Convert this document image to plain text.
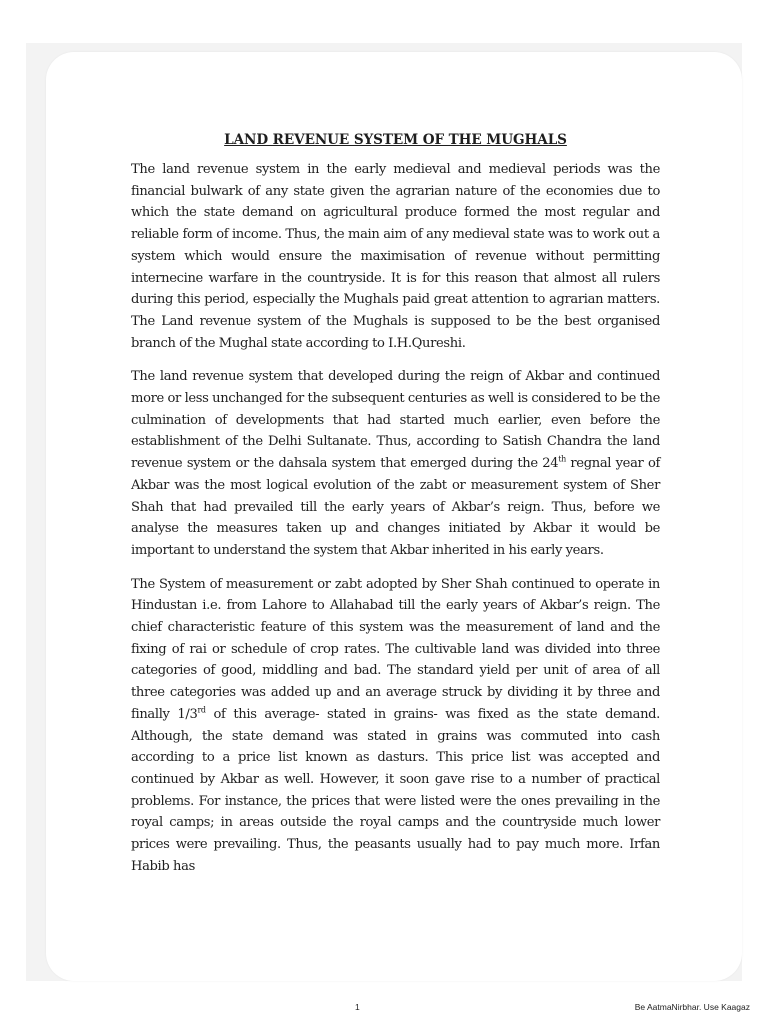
LAND REVENUE SYSTEM OF THE MUGHALS

The land revenue system in the early medieval and medieval periods was the financial bulwark of any state given the agrarian nature of the economies due to which the state demand on agricultural produce formed the most regular and reliable form of income. Thus, the main aim of any medieval state was to work out a system which would ensure the maximisation of revenue without permitting internecine warfare in the countryside. It is for this reason that almost all rulers during this period, especially the Mughals paid great attention to agrarian matters. The Land revenue system of the Mughals is supposed to be the best organised branch of the Mughal state according to I.H.Qureshi.

The land revenue system that developed during the reign of Akbar and continued more or less unchanged for the subsequent centuries as well is considered to be the culmination of developments that had started much earlier, even before the establishment of the Delhi Sultanate. Thus, according to Satish Chandra the land revenue system or the dahsala system that emerged during the 24th regnal year of Akbar was the most logical evolution of the zabt or measurement system of Sher Shah that had prevailed till the early years of Akbar’s reign. Thus, before we analyse the measures taken up and changes initiated by Akbar it would be important to understand the system that Akbar inherited in his early years.

The System of measurement or zabt adopted by Sher Shah continued to operate in Hindustan i.e. from Lahore to Allahabad till the early years of Akbar’s reign. The chief characteristic feature of this system was the measurement of land and the fixing of rai or schedule of crop rates. The cultivable land was divided into three categories of good, middling and bad. The standard yield per unit of area of all three categories was added up and an average struck by dividing it by three and finally 1/3rd of this average- stated in grains- was fixed as the state demand. Although, the state demand was stated in grains was commuted into cash according to a price list known as dasturs. This price list was accepted and continued by Akbar as well. However, it soon gave rise to a number of practical problems. For instance, the prices that were listed were the ones prevailing in the royal camps; in areas outside the royal camps and the countryside much lower prices were prevailing. Thus, the peasants usually had to pay much more. Irfan Habib has

1	Be AatmaNirbhar. Use Kaagaz
